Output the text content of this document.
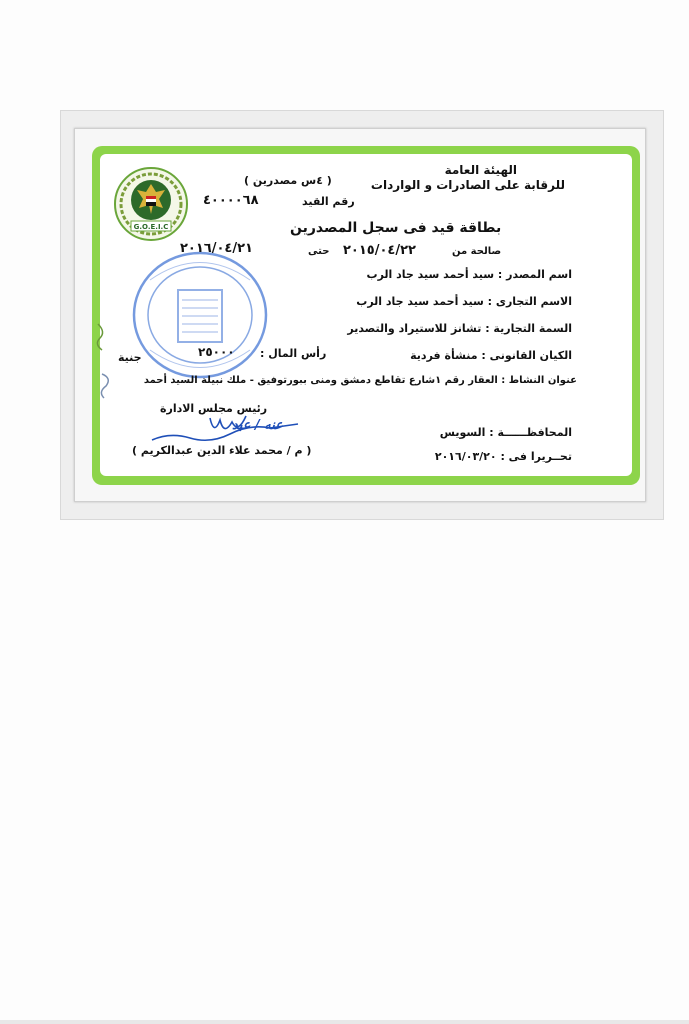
G.O.E.I.C
الهيئة العامة
للرقابة على الصادرات و الواردات
( ٤س مصدرين )
رقم القيد
٤٠٠٠٠٦٨
بطاقة قيد فى سجل المصدرين
صالحة من
٢٠١٥/٠٤/٢٢
حتى
٢٠١٦/٠٤/٢١
اسم المصدر : سيد أحمد سيد جاد الرب
الاسم التجارى : سيد أحمد سيد جاد الرب
السمة التجارية : تشانز للاستيراد والتصدير
الكيان القانونى : منشأة فردية
رأس المال :
٢٥٠٠٠
جنية
عنوان النشاط : العقار رقم ١شارع تقاطع دمشق ومنى ببورتوفيق - ملك نبيلة السيد أحمد
رئيس مجلس الادارة
عنه / عبد
( م / محمد علاء الدين عبدالكريم )
المحافظــــــة : السويس
تحــريرا فى : ٢٠١٦/٠٣/٢٠
